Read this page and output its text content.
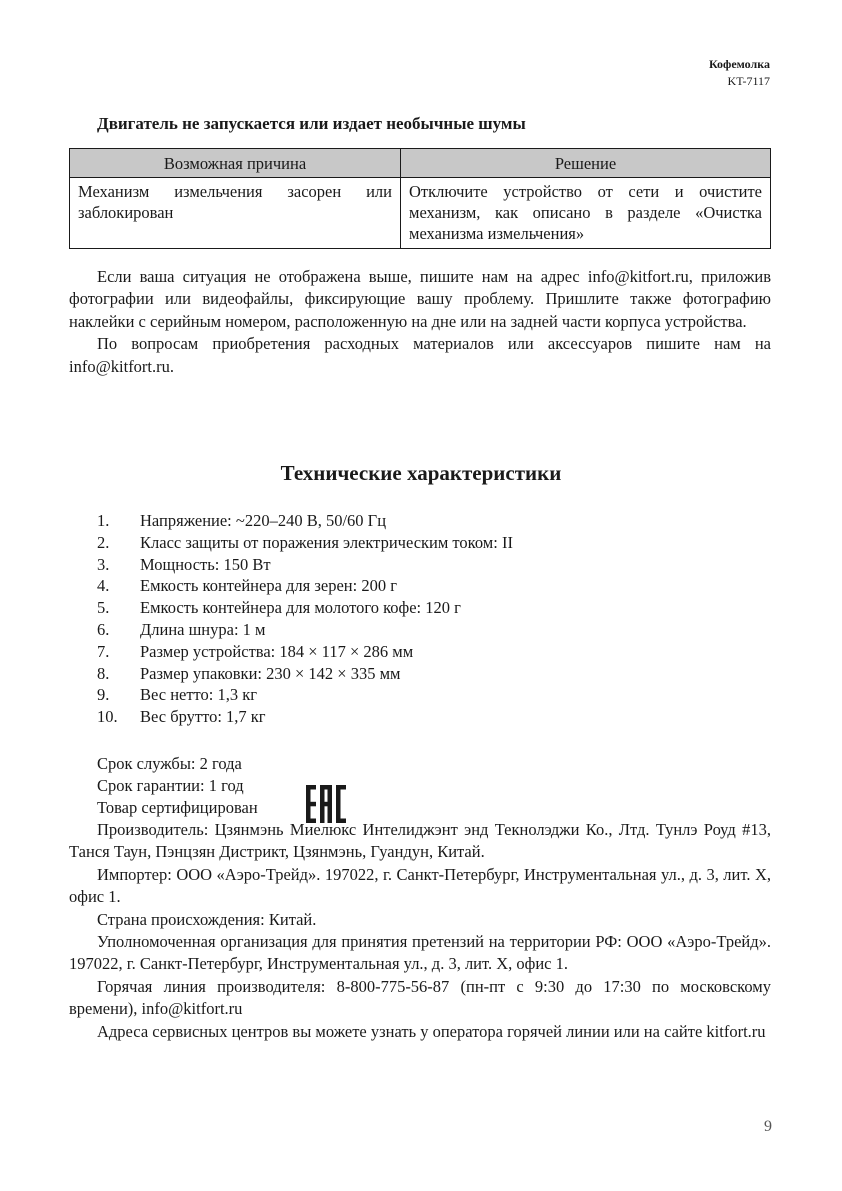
Кофемолка
KT-7117
Двигатель не запускается или издает необычные шумы
Возможная причина	Решение
Механизм измельчения засорен или заблокирован	Отключите устройство от сети и очистите механизм, как описано в разделе «Очистка механизма измельчения»

Если ваша ситуация не отображена выше, пишите нам на адрес info@kitfort.ru, приложив фотографии или видеофайлы, фиксирующие вашу проблему. Пришлите также фотографию наклейки с серийным номером, расположенную на дне или на задней части корпуса устройства.

По вопросам приобретения расходных материалов или аксессуаров пишите нам на info@kitfort.ru.

Технические характеристики
1.	Напряжение: ~220–240 В, 50/60 Гц
2.	Класс защиты от поражения электрическим током: II
3.	Мощность: 150 Вт
4.	Емкость контейнера для зерен: 200 г
5.	Емкость контейнера для молотого кофе: 120 г
6.	Длина шнура: 1 м
7.	Размер устройства: 184 × 117 × 286 мм
8.	Размер упаковки: 230 × 142 × 335 мм
9.	Вес нетто: 1,3 кг
10.	Вес брутто: 1,7 кг
Срок службы: 2 года
Срок гарантии: 1 год
Товар сертифицирован

Производитель: Цзянмэнь Миелюкс Интелиджэнт энд Текнолэджи Ко., Лтд. Тунлэ Роуд #13, Танся Таун, Пэнцзян Дистрикт, Цзянмэнь, Гуандун, Китай.

Импортер: ООО «Аэро-Трейд». 197022, г. Санкт-Петербург, Инструментальная ул., д. 3, лит. Х, офис 1.

Страна происхождения: Китай.

Уполномоченная организация для принятия претензий на территории РФ: ООО «Аэро-Трейд». 197022, г. Санкт-Петербург, Инструментальная ул., д. 3, лит. Х, офис 1.

Горячая линия производителя: 8-800-775-56-87 (пн-пт с 9:30 до 17:30 по московскому времени), info@kitfort.ru

Адреса сервисных центров вы можете узнать у оператора горячей линии или на сайте kitfort.ru

9
